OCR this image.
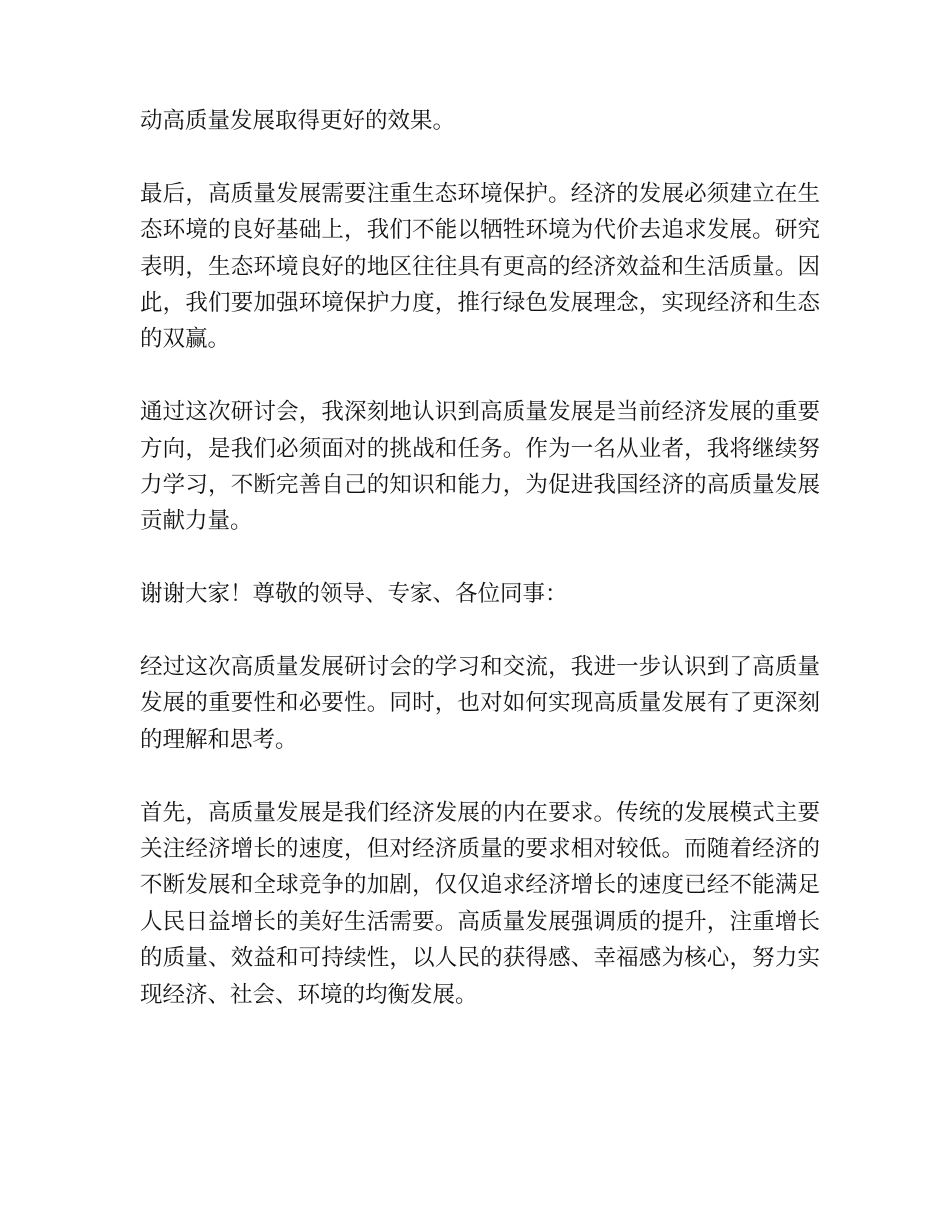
动高质量发展取得更好的效果。

最后，高质量发展需要注重生态环境保护。经济的发展必须建立在生态环境的良好基础上，我们不能以牺牲环境为代价去追求发展。研究表明，生态环境良好的地区往往具有更高的经济效益和生活质量。因此，我们要加强环境保护力度，推行绿色发展理念，实现经济和生态的双赢。

通过这次研讨会，我深刻地认识到高质量发展是当前经济发展的重要方向，是我们必须面对的挑战和任务。作为一名从业者，我将继续努力学习，不断完善自己的知识和能力，为促进我国经济的高质量发展贡献力量。

谢谢大家！尊敬的领导、专家、各位同事：

经过这次高质量发展研讨会的学习和交流，我进一步认识到了高质量发展的重要性和必要性。同时，也对如何实现高质量发展有了更深刻的理解和思考。

首先，高质量发展是我们经济发展的内在要求。传统的发展模式主要关注经济增长的速度，但对经济质量的要求相对较低。而随着经济的不断发展和全球竞争的加剧，仅仅追求经济增长的速度已经不能满足人民日益增长的美好生活需要。高质量发展强调质的提升，注重增长的质量、效益和可持续性，以人民的获得感、幸福感为核心，努力实现经济、社会、环境的均衡发展。
